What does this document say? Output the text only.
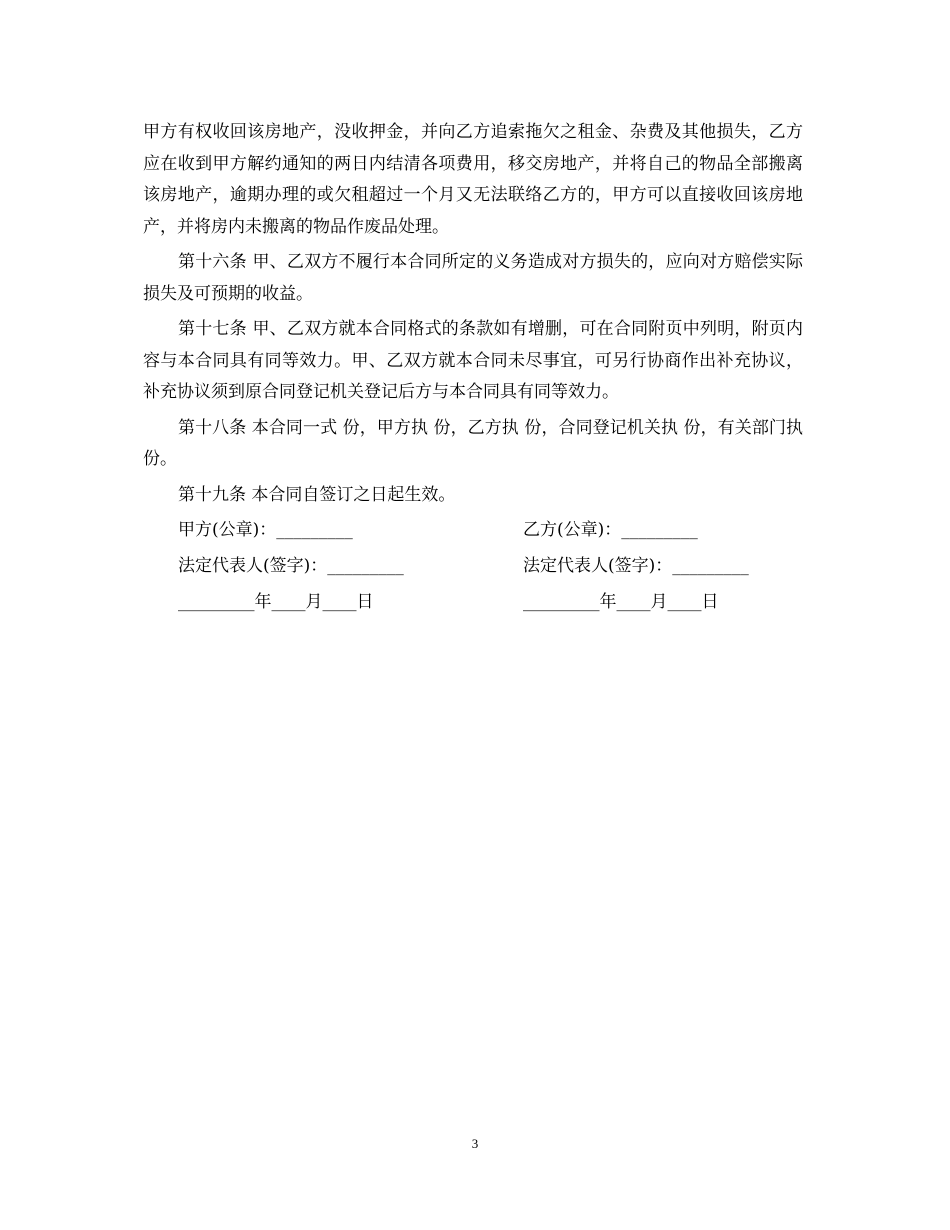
甲方有权收回该房地产，没收押金，并向乙方追索拖欠之租金、杂费及其他损失，乙方应在收到甲方解约通知的两日内结清各项费用，移交房地产，并将自己的物品全部搬离该房地产，逾期办理的或欠租超过一个月又无法联络乙方的，甲方可以直接收回该房地产，并将房内未搬离的物品作废品处理。

第十六条 甲、乙双方不履行本合同所定的义务造成对方损失的，应向对方赔偿实际损失及可预期的收益。

第十七条 甲、乙双方就本合同格式的条款如有增删，可在合同附页中列明，附页内容与本合同具有同等效力。甲、乙双方就本合同未尽事宜，可另行协商作出补充协议，补充协议须到原合同登记机关登记后方与本合同具有同等效力。

第十八条 本合同一式 份，甲方执 份，乙方执 份，合同登记机关执 份，有关部门执 份。

第十九条 本合同自签订之日起生效。

甲方(公章)：_________	乙方(公章)：_________
法定代表人(签字)：_________	法定代表人(签字)：_________
_________年____月____日	_________年____月____日
3
